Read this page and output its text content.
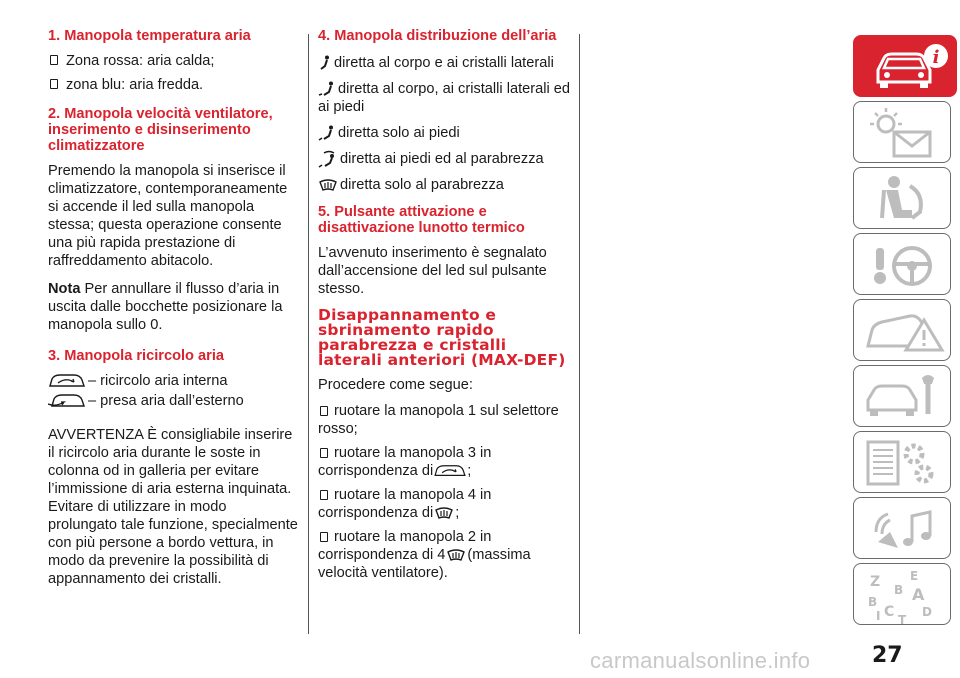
1. Manopola temperatura aria
Zona rossa: aria calda;
zona blu: aria fredda.
2. Manopola velocità ventilatore, inserimento e disinserimento climatizzatore

Premendo la manopola si inserisce il climatizzatore, contemporaneamente si accende il led sulla manopola stessa; questa operazione consente una più rapida prestazione di raffreddamento abitacolo.

Nota Per annullare il flusso d’aria in uscita dalle bocchette posizionare la manopola sullo 0.

3. Manopola ricircolo aria
– ricircolo aria interna
– presa aria dall’esterno

AVVERTENZA È consigliabile inserire il ricircolo aria durante le soste in colonna od in galleria per evitare l’immissione di aria esterna inquinata. Evitare di utilizzare in modo prolungato tale funzione, specialmente con più persone a bordo vettura, in modo da prevenire la possibilità di appannamento dei cristalli.

4. Manopola distribuzione dell’aria
diretta al corpo e ai cristalli laterali
diretta al corpo, ai cristalli laterali ed ai piedi
diretta solo ai piedi
diretta ai piedi ed al parabrezza
diretta solo al parabrezza
5. Pulsante attivazione e disattivazione lunotto termico

L’avvenuto inserimento è segnalato dall’accensione del led sul pulsante stesso.

Disappannamento e sbrinamento rapido parabrezza e cristalli laterali anteriori (MAX-DEF)

Procedere come segue:

ruotare la manopola 1 sul selettore rosso;
ruotare la manopola 3 in corrispondenza di ;
ruotare la manopola 4 in corrispondenza di ;
ruotare la manopola 2 in corrispondenza di 4 (massima velocità ventilatore).
i
Z E
B A
B
I C T
D
27
carmanualsonline.info
